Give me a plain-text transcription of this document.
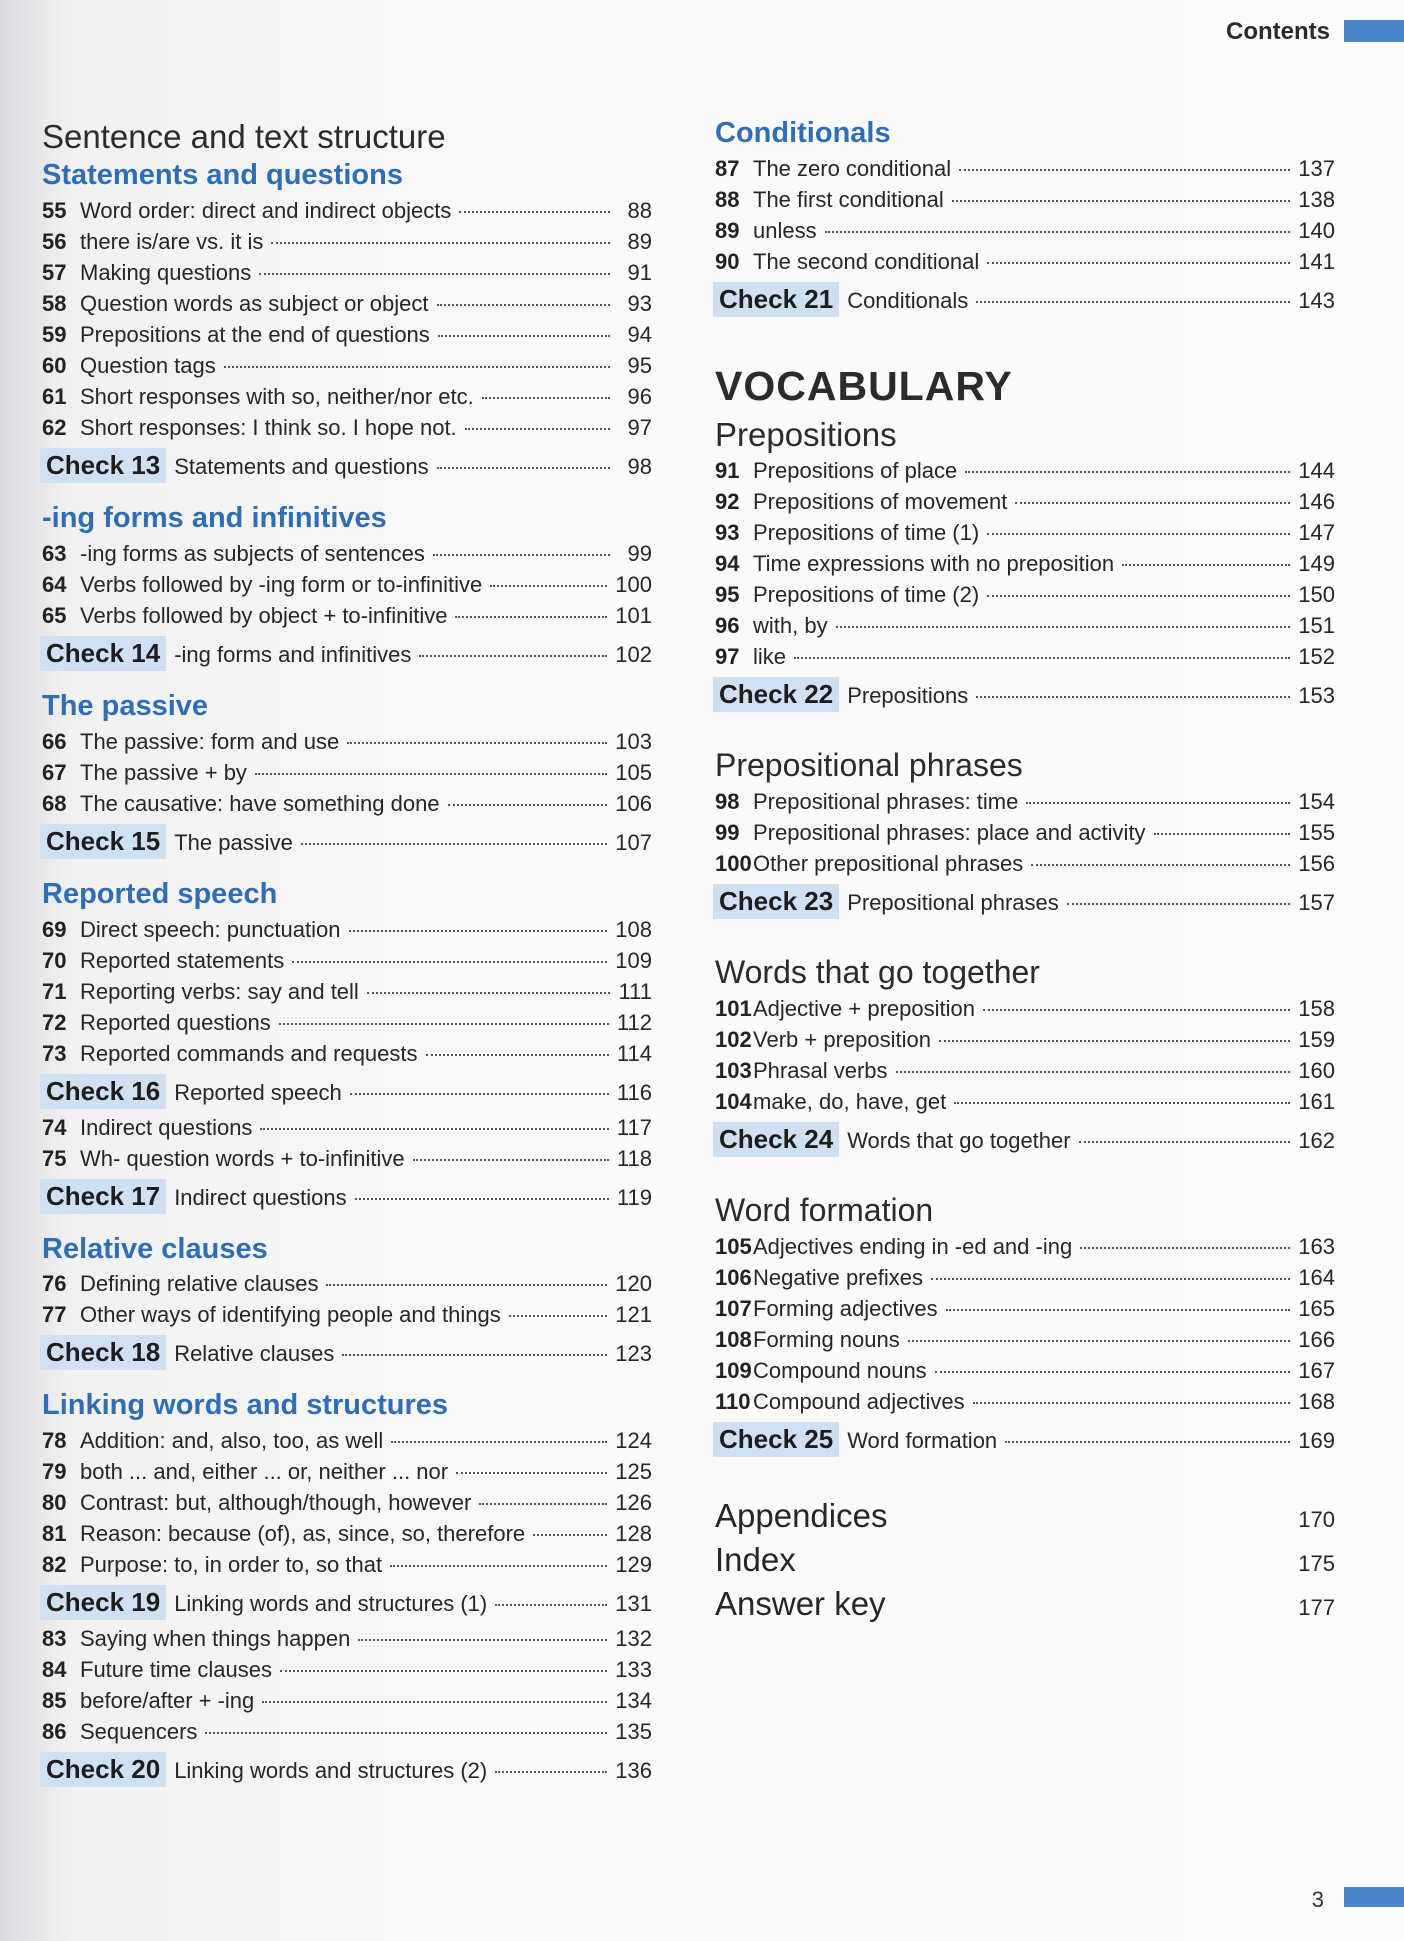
Contents
Sentence and text structure
Statements and questions
55 Word order: direct and indirect objects	88
56 there is/are vs. it is	89
57 Making questions	91
58 Question words as subject or object	93
59 Prepositions at the end of questions	94
60 Question tags	95
61 Short responses with so, neither/nor etc.	96
62 Short responses: I think so. I hope not.	97
Check 13 Statements and questions	98
-ing forms and infinitives
63 -ing forms as subjects of sentences	99
64 Verbs followed by -ing form or to-infinitive	100
65 Verbs followed by object + to-infinitive	101
Check 14 -ing forms and infinitives	102
The passive
66 The passive: form and use	103
67 The passive + by	105
68 The causative: have something done	106
Check 15 The passive	107
Reported speech
69 Direct speech: punctuation	108
70 Reported statements	109
71 Reporting verbs: say and tell	111
72 Reported questions	112
73 Reported commands and requests	114
Check 16 Reported speech	116
74 Indirect questions	117
75 Wh- question words + to-infinitive	118
Check 17 Indirect questions	119
Relative clauses
76 Defining relative clauses	120
77 Other ways of identifying people and things	121
Check 18 Relative clauses	123
Linking words and structures
78 Addition: and, also, too, as well	124
79 both ... and, either ... or, neither ... nor	125
80 Contrast: but, although/though, however	126
81 Reason: because (of), as, since, so, therefore	128
82 Purpose: to, in order to, so that	129
Check 19 Linking words and structures (1)	131
83 Saying when things happen	132
84 Future time clauses	133
85 before/after + -ing	134
86 Sequencers	135
Check 20 Linking words and structures (2)	136
Conditionals
87 The zero conditional	137
88 The first conditional	138
89 unless	140
90 The second conditional	141
Check 21 Conditionals	143
VOCABULARY
Prepositions
91 Prepositions of place	144
92 Prepositions of movement	146
93 Prepositions of time (1)	147
94 Time expressions with no preposition	149
95 Prepositions of time (2)	150
96 with, by	151
97 like	152
Check 22 Prepositions	153
Prepositional phrases
98 Prepositional phrases: time	154
99 Prepositional phrases: place and activity	155
100 Other prepositional phrases	156
Check 23 Prepositional phrases	157
Words that go together
101 Adjective + preposition	158
102 Verb + preposition	159
103 Phrasal verbs	160
104 make, do, have, get	161
Check 24 Words that go together	162
Word formation
105 Adjectives ending in -ed and -ing	163
106 Negative prefixes	164
107 Forming adjectives	165
108 Forming nouns	166
109 Compound nouns	167
110 Compound adjectives	168
Check 25 Word formation	169
Appendices	170
Index	175
Answer key	177
3
